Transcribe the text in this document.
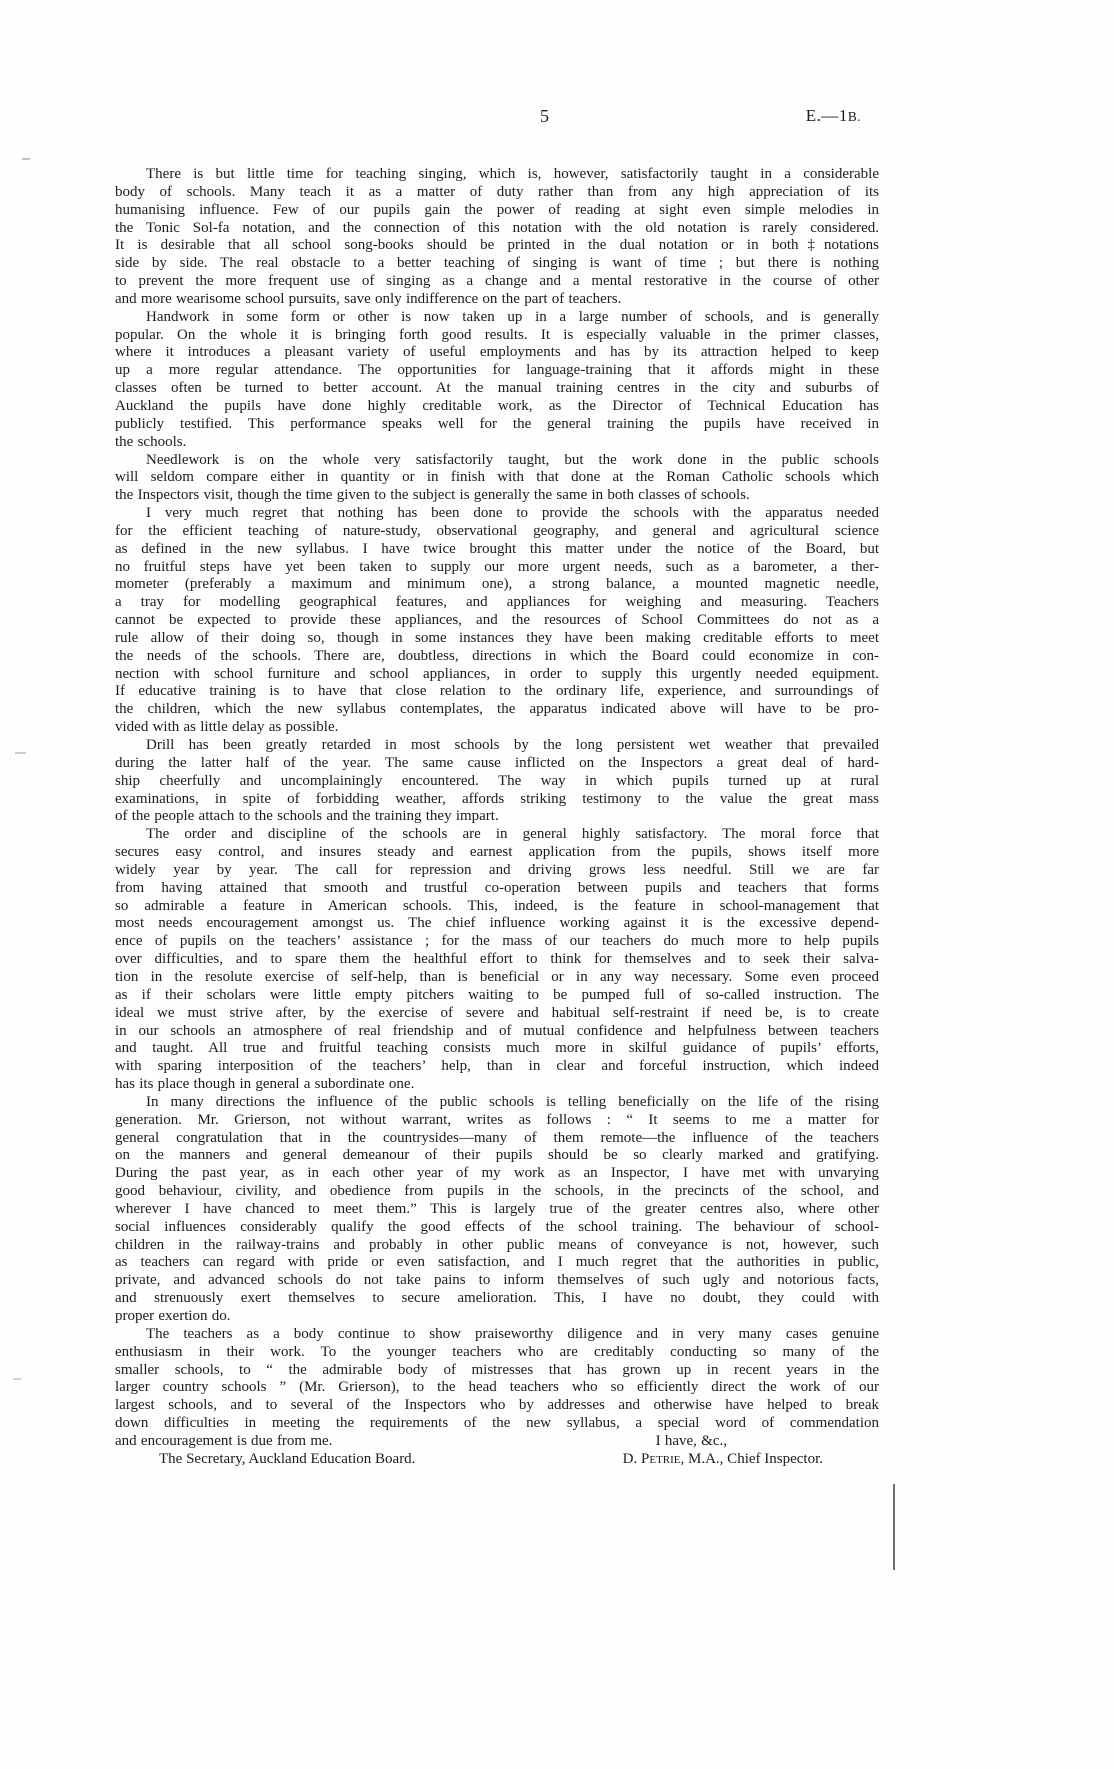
5	E.—1B.
There is but little time for teaching singing, which is, however, satisfactorily taught in a considerable
body of schools. Many teach it as a matter of duty rather than from any high appreciation of its
humanising influence. Few of our pupils gain the power of reading at sight even simple melodies in
the Tonic Sol-fa notation, and the connection of this notation with the old notation is rarely considered.
It is desirable that all school song-books should be printed in the dual notation or in both‡notations
side by side. The real obstacle to a better teaching of singing is want of time ; but there is nothing
to prevent the more frequent use of singing as a change and a mental restorative in the course of other
and more wearisome school pursuits, save only indifference on the part of teachers.
Handwork in some form or other is now taken up in a large number of schools, and is generally
popular. On the whole it is bringing forth good results. It is especially valuable in the primer classes,
where it introduces a pleasant variety of useful employments and has by its attraction helped to keep
up a more regular attendance. The opportunities for language-training that it affords might in these
classes often be turned to better account. At the manual training centres in the city and suburbs of
Auckland the pupils have done highly creditable work, as the Director of Technical Education has
publicly testified. This performance speaks well for the general training the pupils have received in
the schools.
Needlework is on the whole very satisfactorily taught, but the work done in the public schools
will seldom compare either in quantity or in finish with that done at the Roman Catholic schools which
the Inspectors visit, though the time given to the subject is generally the same in both classes of schools.
I very much regret that nothing has been done to provide the schools with the apparatus needed
for the efficient teaching of nature-study, observational geography, and general and agricultural science
as defined in the new syllabus. I have twice brought this matter under the notice of the Board, but
no fruitful steps have yet been taken to supply our more urgent needs, such as a barometer, a ther-
mometer (preferably a maximum and minimum one), a strong balance, a mounted magnetic needle,
a tray for modelling geographical features, and appliances for weighing and measuring. Teachers
cannot be expected to provide these appliances, and the resources of School Committees do not as a
rule allow of their doing so, though in some instances they have been making creditable efforts to meet
the needs of the schools. There are, doubtless, directions in which the Board could economize in con-
nection with school furniture and school appliances, in order to supply this urgently needed equipment.
If educative training is to have that close relation to the ordinary life, experience, and surroundings of
the children, which the new syllabus contemplates, the apparatus indicated above will have to be pro-
vided with as little delay as possible.
Drill has been greatly retarded in most schools by the long persistent wet weather that prevailed
during the latter half of the year. The same cause inflicted on the Inspectors a great deal of hard-
ship cheerfully and uncomplainingly encountered. The way in which pupils turned up at rural
examinations, in spite of forbidding weather, affords striking testimony to the value the great mass
of the people attach to the schools and the training they impart.
The order and discipline of the schools are in general highly satisfactory. The moral force that
secures easy control, and insures steady and earnest application from the pupils, shows itself more
widely year by year. The call for repression and driving grows less needful. Still we are far
from having attained that smooth and trustful co-operation between pupils and teachers that forms
so admirable a feature in American schools. This, indeed, is the feature in school-management that
most needs encouragement amongst us. The chief influence working against it is the excessive depend-
ence of pupils on the teachers’ assistance ; for the mass of our teachers do much more to help pupils
over difficulties, and to spare them the healthful effort to think for themselves and to seek their salva-
tion in the resolute exercise of self-help, than is beneficial or in any way necessary. Some even proceed
as if their scholars were little empty pitchers waiting to be pumped full of so-called instruction. The
ideal we must strive after, by the exercise of severe and habitual self-restraint if need be, is to create
in our schools an atmosphere of real friendship and of mutual confidence and helpfulness between teachers
and taught. All true and fruitful teaching consists much more in skilful guidance of pupils’ efforts,
with sparing interposition of the teachers’ help, than in clear and forceful instruction, which indeed
has its place though in general a subordinate one.
In many directions the influence of the public schools is telling beneficially on the life of the rising
generation. Mr. Grierson, not without warrant, writes as follows : “ It seems to me a matter for
general congratulation that in the countrysides—many of them remote—the influence of the teachers
on the manners and general demeanour of their pupils should be so clearly marked and gratifying.
During the past year, as in each other year of my work as an Inspector, I have met with unvarying
good behaviour, civility, and obedience from pupils in the schools, in the precincts of the school, and
wherever I have chanced to meet them.” This is largely true of the greater centres also, where other
social influences considerably qualify the good effects of the school training. The behaviour of school-
children in the railway-trains and probably in other public means of conveyance is not, however, such
as teachers can regard with pride or even satisfaction, and I much regret that the authorities in public,
private, and advanced schools do not take pains to inform themselves of such ugly and notorious facts,
and strenuously exert themselves to secure amelioration. This, I have no doubt, they could with
proper exertion do.
The teachers as a body continue to show praiseworthy diligence and in very many cases genuine
enthusiasm in their work. To the younger teachers who are creditably conducting so many of the
smaller schools, to “ the admirable body of mistresses that has grown up in recent years in the
larger country schools ” (Mr. Grierson), to the head teachers who so efficiently direct the work of our
largest schools, and to several of the Inspectors who by addresses and otherwise have helped to break
down difficulties in meeting the requirements of the new syllabus, a special word of commendation
and encouragement is due from me.	I have, &c.,
The Secretary, Auckland Education Board.	D. Petrie, M.A., Chief Inspector.
